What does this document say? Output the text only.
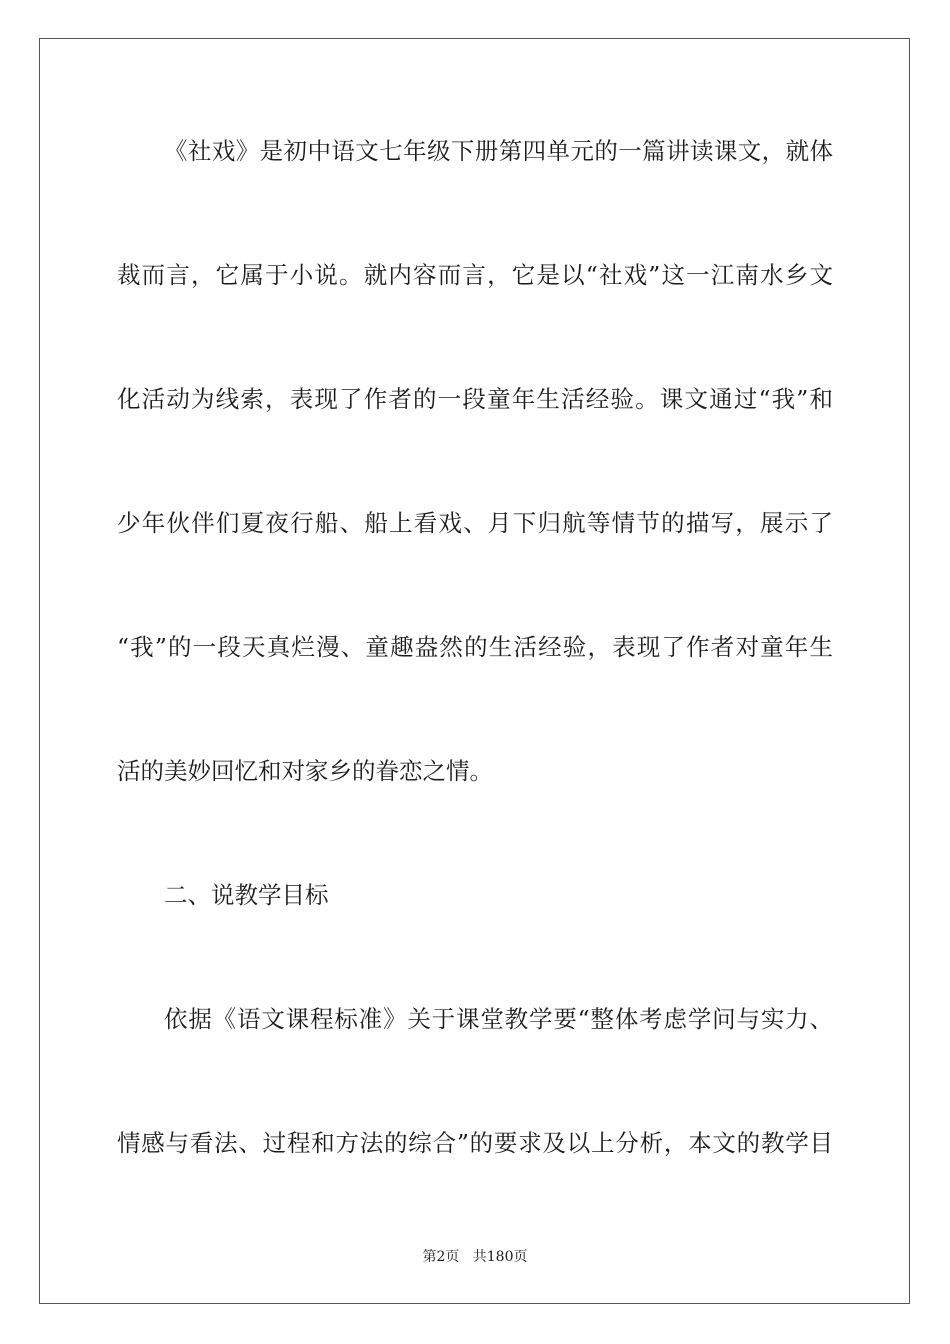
《社戏》是初中语文七年级下册第四单元的一篇讲读课文，就体
裁而言，它属于小说。就内容而言，它是以“社戏”这一江南水乡文
化活动为线索，表现了作者的一段童年生活经验。课文通过“我”和
少年伙伴们夏夜行船、船上看戏、月下归航等情节的描写，展示了
“我”的一段天真烂漫、童趣盎然的生活经验，表现了作者对童年生
活的美妙回忆和对家乡的眷恋之情。
二、说教学目标
依据《语文课程标准》关于课堂教学要“整体考虑学问与实力、
情感与看法、过程和方法的综合”的要求及以上分析，本文的教学目
第2页   共180页
